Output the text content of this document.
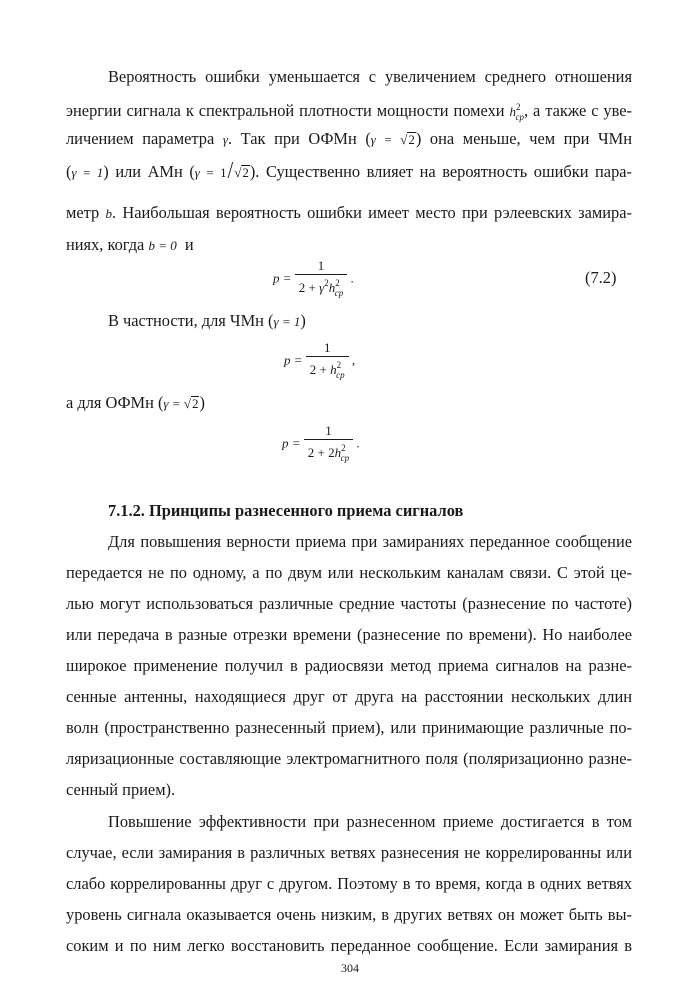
Вероятность ошибки уменьшается с увеличением среднего отношения
энергии сигнала к спектральной плотности мощности помехи $h^2_{ср}$, а также с уве-
личением параметра γ. Так при ОФМн (γ = √2) она меньше, чем при ЧМн
(γ = 1) или АМн (γ = 1/√2). Существенно влияет на вероятность ошибки пара-
метр b. Наибольшая вероятность ошибки имеет место при рэлеевских замира-
ниях, когда b = 0 и
$p = \frac{1}{2 + \gamma^2h^2_{ср}}$ .	(7.2)
В частности, для ЧМн (γ = 1)
$p = \frac{1}{2 + h^2_{ср}}$ ,
а для ОФМн (γ = √2)
$p = \frac{1}{2 + 2h^2_{ср}}$ .
7.1.2. Принципы разнесенного приема сигналов
Для повышения верности приема при замираниях переданное сообщение
передается не по одному, а по двум или нескольким каналам связи. С этой це-
лью могут использоваться различные средние частоты (разнесение по частоте)
или передача в разные отрезки времени (разнесение по времени). Но наиболее
широкое применение получил в радиосвязи метод приема сигналов на разне-
сенные антенны, находящиеся друг от друга на расстоянии нескольких длин
волн (пространственно разнесенный прием), или принимающие различные по-
ляризационные составляющие электромагнитного поля (поляризационно разне-
сенный прием).
Повышение эффективности при разнесенном приеме достигается в том
случае, если замирания в различных ветвях разнесения не коррелированны или
слабо коррелированны друг с другом. Поэтому в то время, когда в одних ветвях
уровень сигнала оказывается очень низким, в других ветвях он может быть вы-
соким и по ним легко восстановить переданное сообщение. Если замирания в
304
